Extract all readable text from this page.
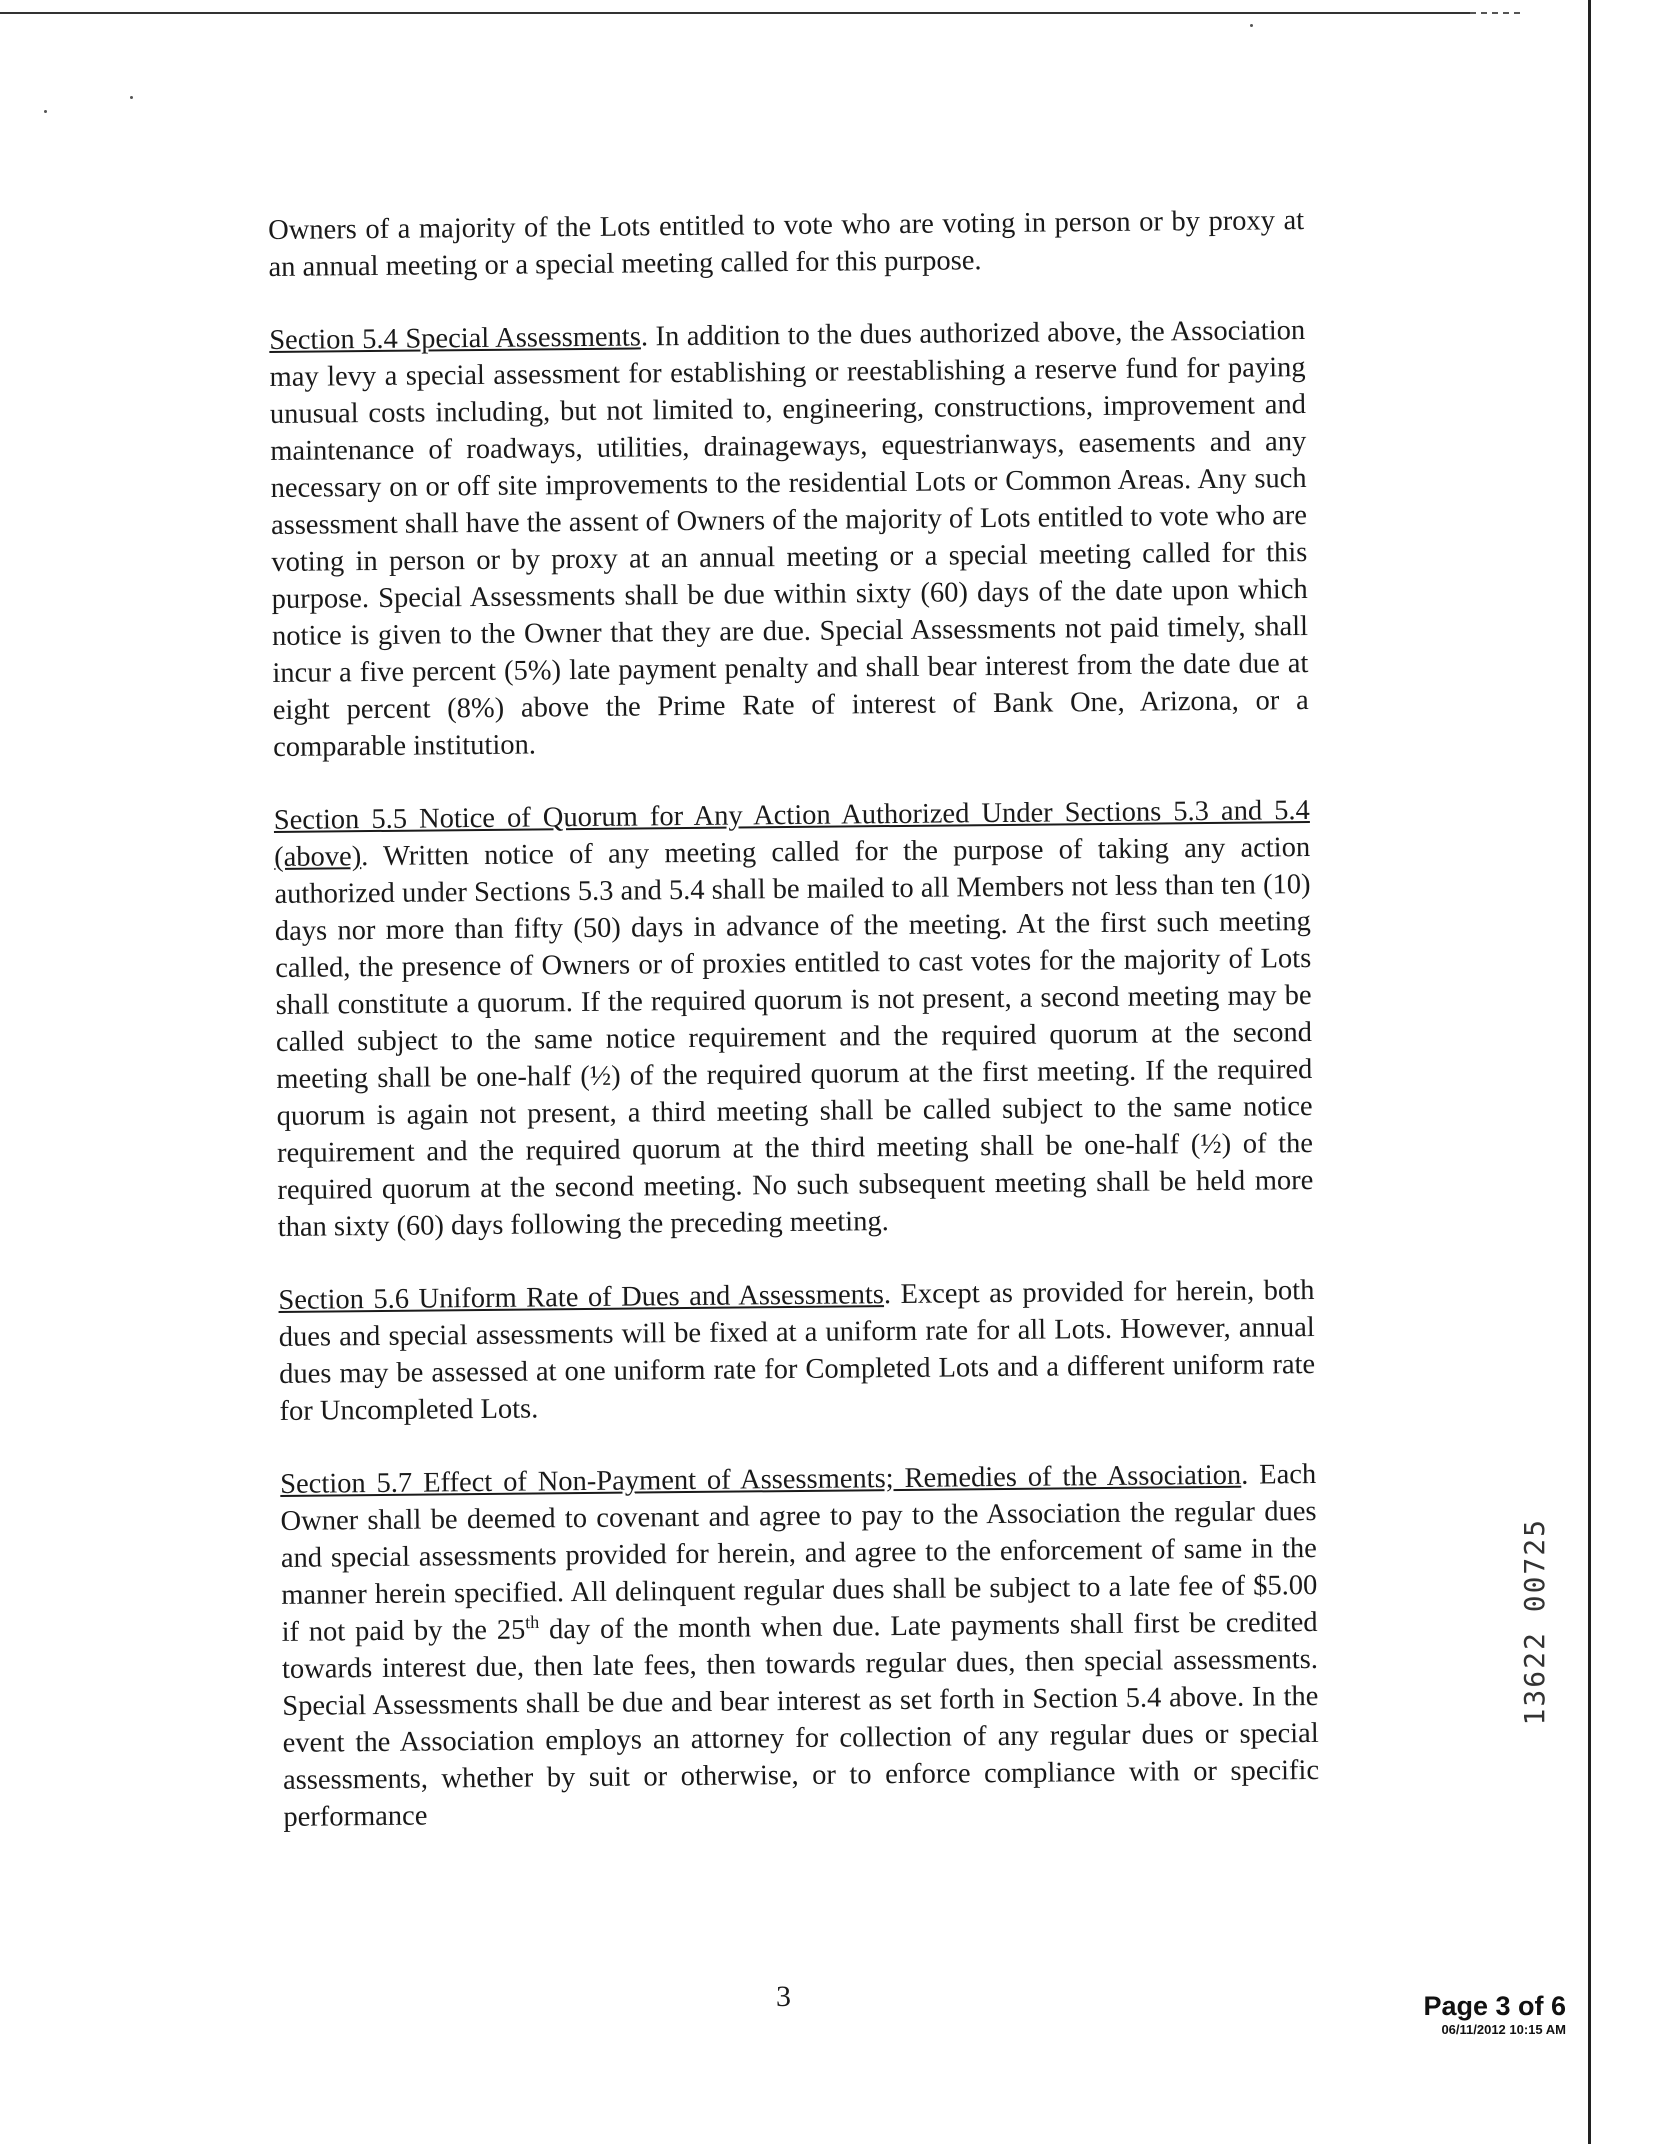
Owners of a majority of the Lots entitled to vote who are voting in person or by proxy at an annual meeting or a special meeting called for this purpose.

Section 5.4 Special Assessments. In addition to the dues authorized above, the Association may levy a special assessment for establishing or reestablishing a reserve fund for paying unusual costs including, but not limited to, engineering, constructions, improvement and maintenance of roadways, utilities, drainageways, equestrianways, easements and any necessary on or off site improvements to the residential Lots or Common Areas. Any such assessment shall have the assent of Owners of the majority of Lots entitled to vote who are voting in person or by proxy at an annual meeting or a special meeting called for this purpose. Special Assessments shall be due within sixty (60) days of the date upon which notice is given to the Owner that they are due. Special Assessments not paid timely, shall incur a five percent (5%) late payment penalty and shall bear interest from the date due at eight percent (8%) above the Prime Rate of interest of Bank One, Arizona, or a comparable institution.

Section 5.5 Notice of Quorum for Any Action Authorized Under Sections 5.3 and 5.4 (above). Written notice of any meeting called for the purpose of taking any action authorized under Sections 5.3 and 5.4 shall be mailed to all Members not less than ten (10) days nor more than fifty (50) days in advance of the meeting. At the first such meeting called, the presence of Owners or of proxies entitled to cast votes for the majority of Lots shall constitute a quorum. If the required quorum is not present, a second meeting may be called subject to the same notice requirement and the required quorum at the second meeting shall be one-half (½) of the required quorum at the first meeting. If the required quorum is again not present, a third meeting shall be called subject to the same notice requirement and the required quorum at the third meeting shall be one-half (½) of the required quorum at the second meeting. No such subsequent meeting shall be held more than sixty (60) days following the preceding meeting.

Section 5.6 Uniform Rate of Dues and Assessments. Except as provided for herein, both dues and special assessments will be fixed at a uniform rate for all Lots. However, annual dues may be assessed at one uniform rate for Completed Lots and a different uniform rate for Uncompleted Lots.

Section 5.7 Effect of Non-Payment of Assessments; Remedies of the Association. Each Owner shall be deemed to covenant and agree to pay to the Association the regular dues and special assessments provided for herein, and agree to the enforcement of same in the manner herein specified. All delinquent regular dues shall be subject to a late fee of $5.00 if not paid by the 25th day of the month when due. Late payments shall first be credited towards interest due, then late fees, then towards regular dues, then special assessments. Special Assessments shall be due and bear interest as set forth in Section 5.4 above. In the event the Association employs an attorney for collection of any regular dues or special assessments, whether by suit or otherwise, or to enforce compliance with or specific performance

3
13622 00725
Page 3 of 6
06/11/2012 10:15 AM
